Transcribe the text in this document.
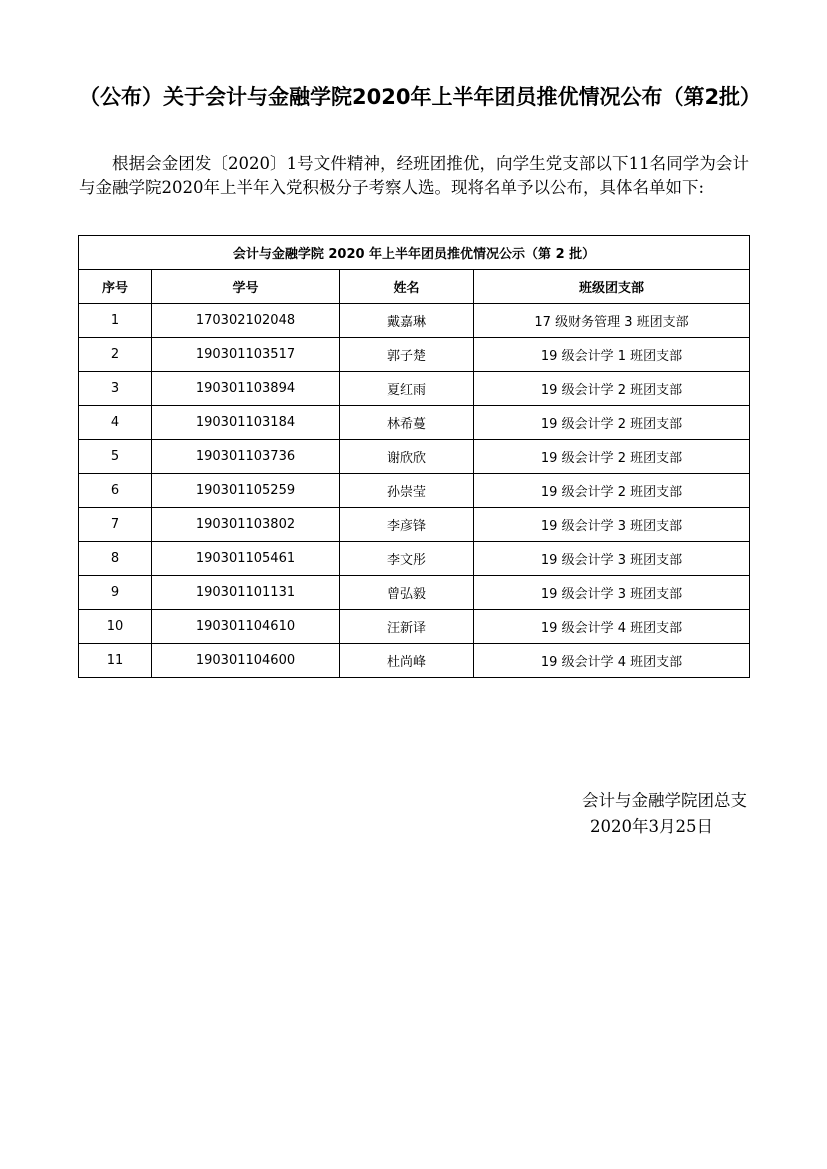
（公布）关于会计与金融学院2020年上半年团员推优情况公布（第2批）

根据会金团发〔2020〕1号文件精神，经班团推优，向学生党支部以下11名同学为会计与金融学院2020年上半年入党积极分子考察人选。现将名单予以公布，具体名单如下:

会计与金融学院 2020 年上半年团员推优情况公示（第 2 批）			
序号	学号	姓名	班级团支部
1	170302102048	戴嘉琳	17 级财务管理 3 班团支部
2	190301103517	郭子楚	19 级会计学 1 班团支部
3	190301103894	夏红雨	19 级会计学 2 班团支部
4	190301103184	林希蔓	19 级会计学 2 班团支部
5	190301103736	谢欣欣	19 级会计学 2 班团支部
6	190301105259	孙崇莹	19 级会计学 2 班团支部
7	190301103802	李彦锋	19 级会计学 3 班团支部
8	190301105461	李文彤	19 级会计学 3 班团支部
9	190301101131	曾弘毅	19 级会计学 3 班团支部
10	190301104610	汪新译	19 级会计学 4 班团支部
11	190301104600	杜尚峰	19 级会计学 4 班团支部
会计与金融学院团总支
2020年3月25日
